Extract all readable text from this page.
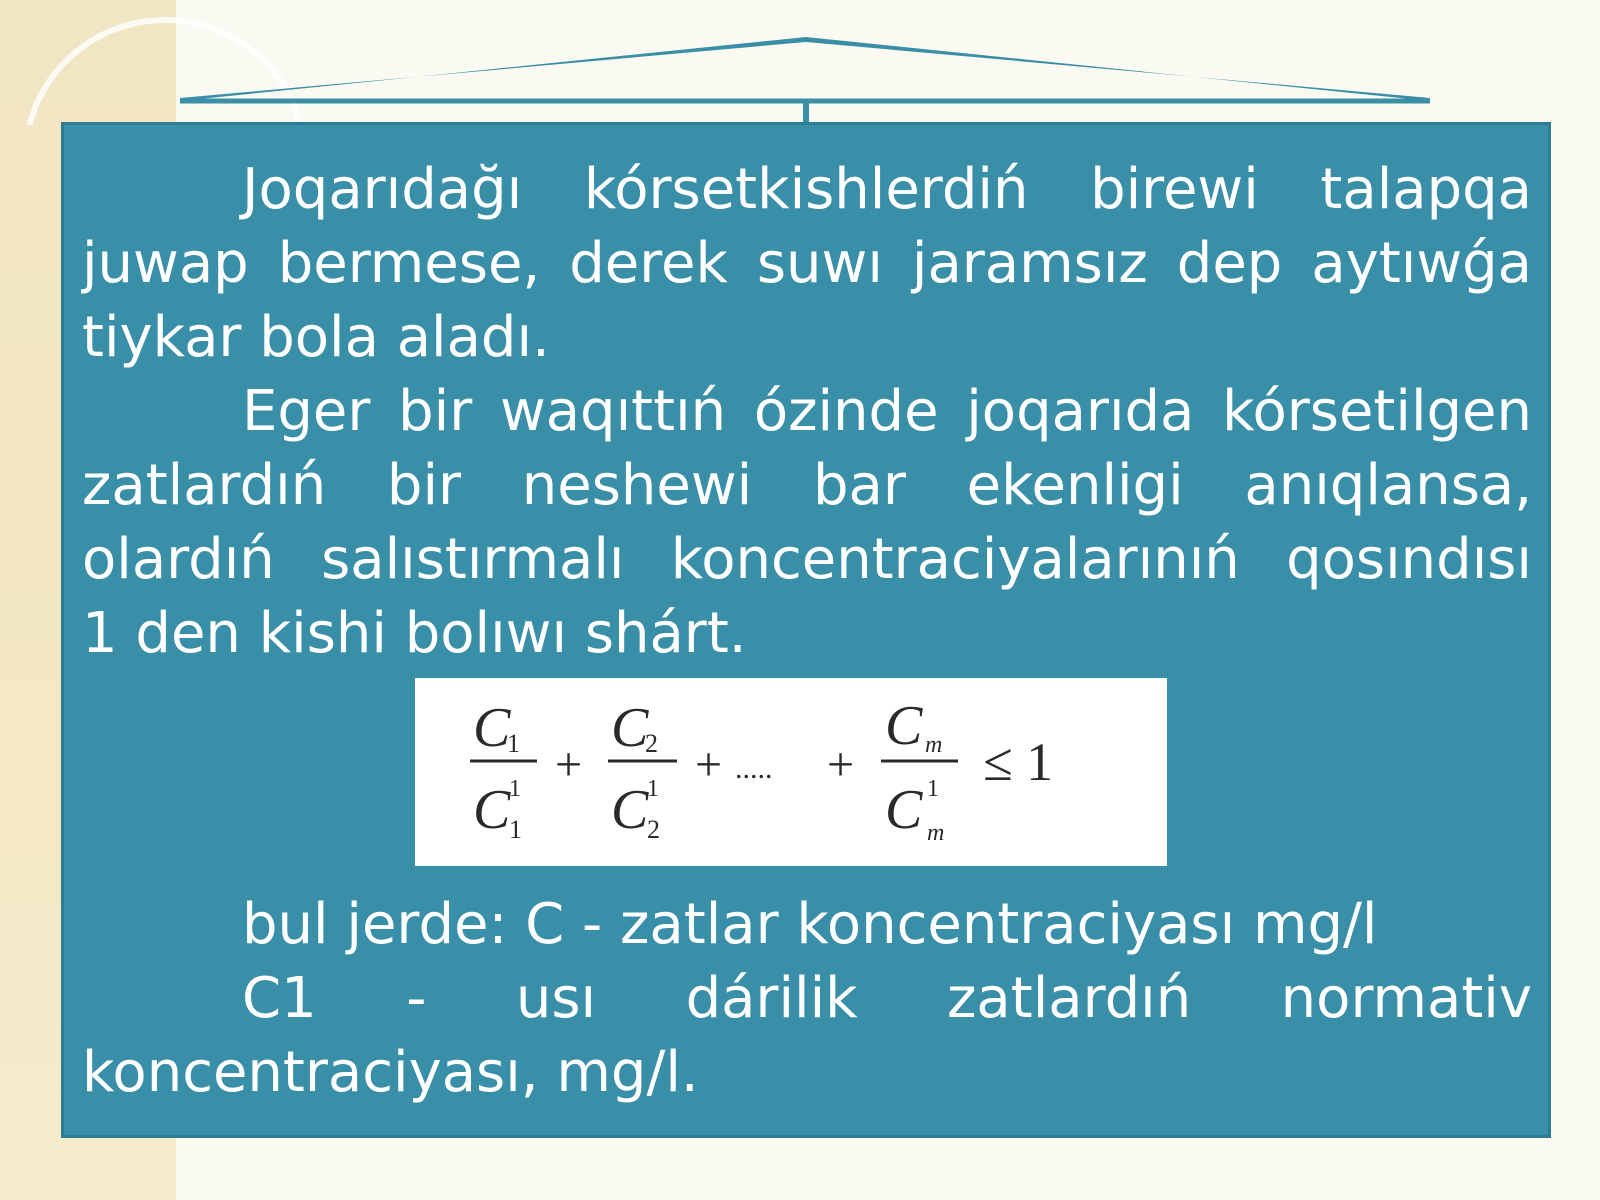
Joqarıdağı kórsetkishlerdiń birewi talapqa

juwap bermese, derek suwı jaramsız dep aytıwǵa

tiykar bola aladı.

Eger bir waqıttıń ózinde joqarıda kórsetilgen

zatlardıń bir neshewi bar ekenligi anıqlansa,

olardıń salıstırmalı koncentraciyalarınıń qosındısı

1 den kishi bolıwı shárt.

C
1
C
1
1
+
C
2
C
1
2
+ ..... +
C m
C 1
m
≤ 1

bul jerde: C - zatlar koncentraciyası mg/l

C1 - usı dárilik zatlardıń normativ

koncentraciyası, mg/l.
